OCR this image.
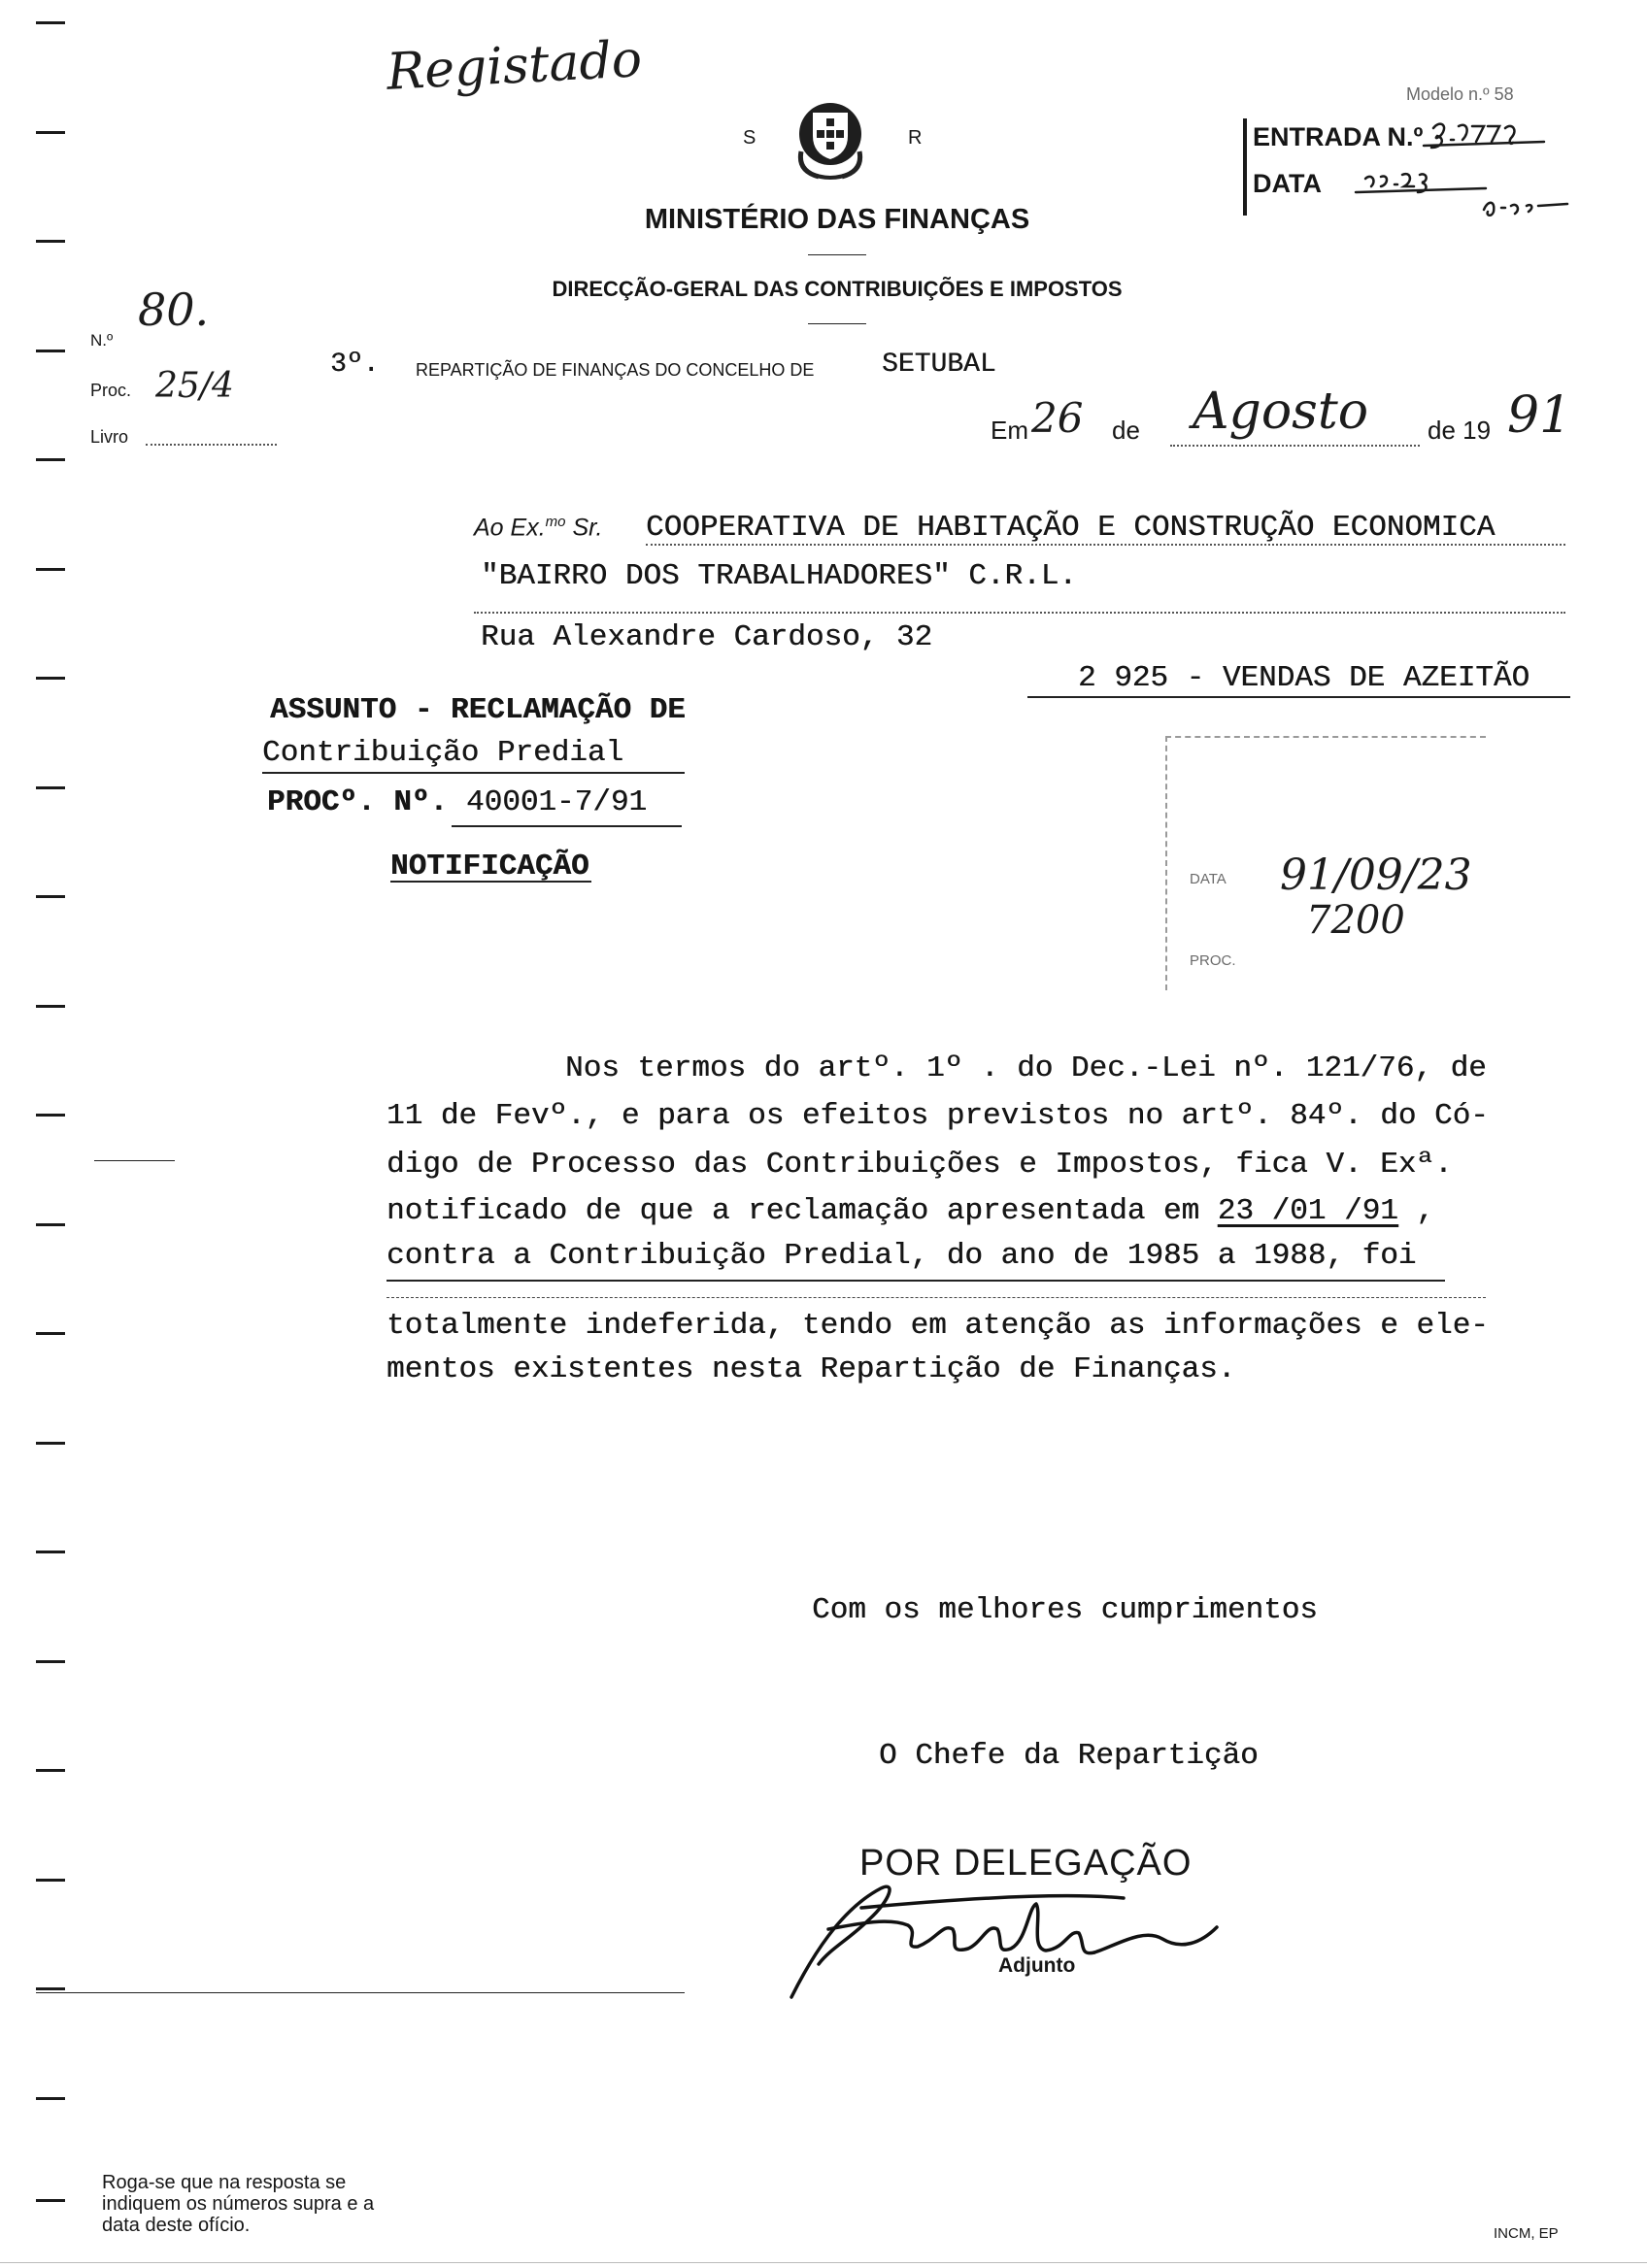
Registado
S	R
Modelo n.º 58
ENTRADA N.º
DATA
MINISTÉRIO DAS FINANÇAS
DIRECÇÃO-GERAL DAS CONTRIBUIÇÕES E IMPOSTOS
N.º
80.
3º. REPARTIÇÃO DE FINANÇAS DO CONCELHO DE SETUBAL
Proc. 25/4
Livro	Em 26 de Agosto de 19 91
Ao Ex.$^{mo}$ Sr. COOPERATIVA DE HABITAÇÃO E CONSTRUÇÃO ECONOMICA
"BAIRRO DOS TRABALHADORES" C.R.L.
Rua Alexandre Cardoso, 32
2 925 - VENDAS DE AZEITÃO
ASSUNTO - RECLAMAÇÃO DE
Contribuição Predial
PROCº. Nº. 40001-7/91
NOTIFICAÇÃO	DATA 91/09/23
7200
PROC.
Nos termos do artº. 1º . do Dec.-Lei nº. 121/76, de
11 de Fevº., e para os efeitos previstos no artº. 84º. do Có-
digo de Processo das Contribuições e Impostos, fica V. Exª.
notificado de que a reclamação apresentada em 23 /01 /91 ,
contra a Contribuição Predial, do ano de 1985 a 1988, foi
totalmente indeferida, tendo em atenção as informações e ele-
mentos existentes nesta Repartição de Finanças.
Com os melhores cumprimentos
O Chefe da Repartição
POR DELEGAÇÃO
Adjunto
Roga-se que na resposta se
indiquem os números supra e a
data deste ofício.	INCM, EP
